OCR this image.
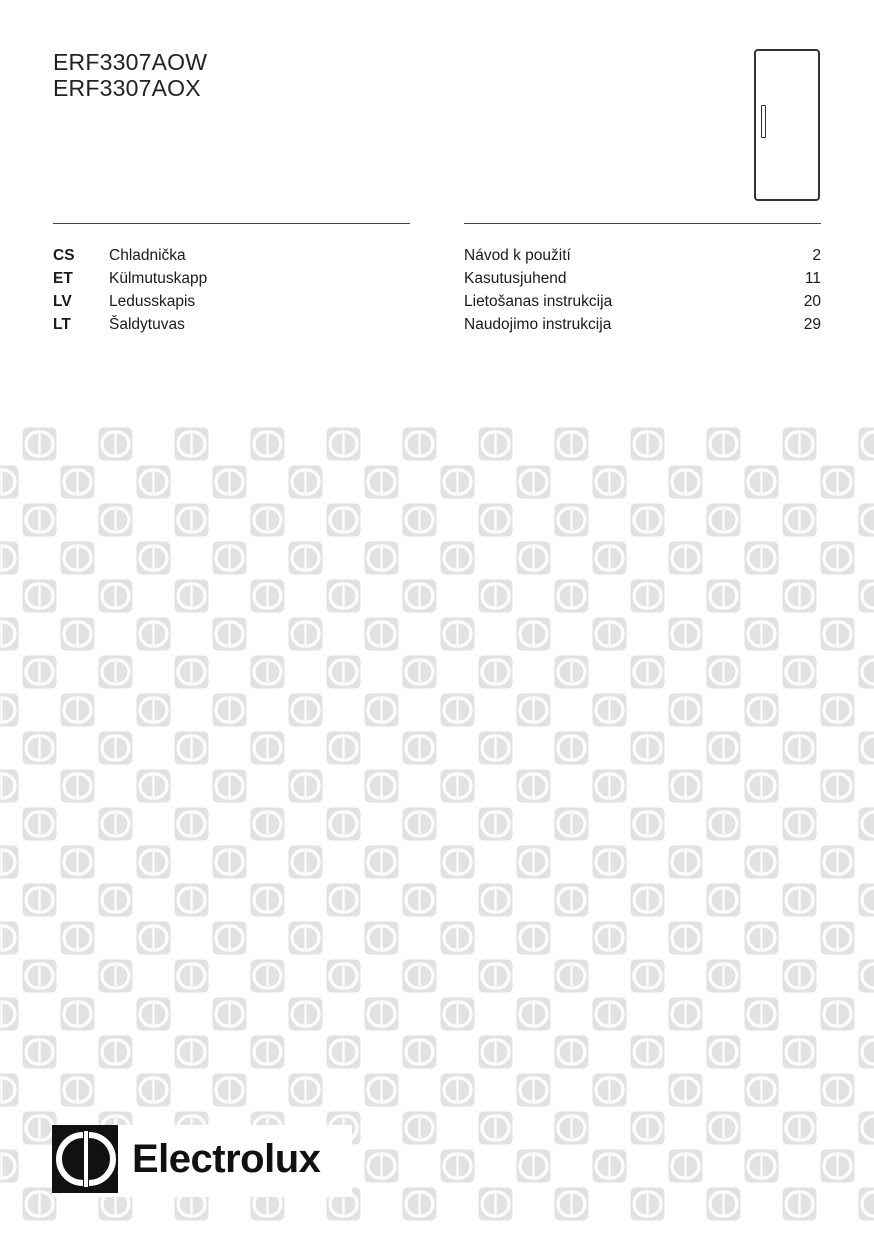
ERF3307AOW
ERF3307AOX
CS Chladnička
ET Külmutuskapp
LV Ledusskapis
LT Šaldytuvas
Návod k použití	2
Kasutusjuhend	11
Lietošanas instrukcija	20
Naudojimo instrukcija	29
Electrolux
